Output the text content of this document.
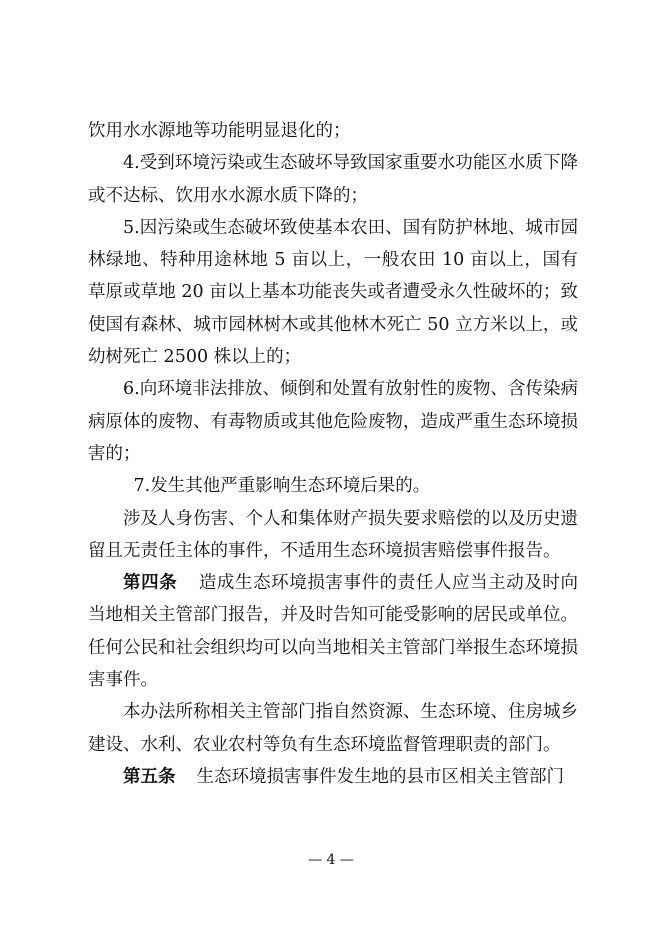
饮用水水源地等功能明显退化的；

4.受到环境污染或生态破坏导致国家重要水功能区水质下降或不达标、饮用水水源水质下降的；

5.因污染或生态破坏致使基本农田、国有防护林地、城市园林绿地、特种用途林地 5 亩以上，一般农田 10 亩以上，国有草原或草地 20 亩以上基本功能丧失或者遭受永久性破坏的；致使国有森林、城市园林树木或其他林木死亡 50 立方米以上，或幼树死亡 2500 株以上的；

6.向环境非法排放、倾倒和处置有放射性的废物、含传染病病原体的废物、有毒物质或其他危险废物，造成严重生态环境损害的；

7.发生其他严重影响生态环境后果的。

涉及人身伤害、个人和集体财产损失要求赔偿的以及历史遗留且无责任主体的事件，不适用生态环境损害赔偿事件报告。

第四条 造成生态环境损害事件的责任人应当主动及时向当地相关主管部门报告，并及时告知可能受影响的居民或单位。任何公民和社会组织均可以向当地相关主管部门举报生态环境损害事件。

本办法所称相关主管部门指自然资源、生态环境、住房城乡建设、水利、农业农村等负有生态环境监督管理职责的部门。

第五条 生态环境损害事件发生地的县市区相关主管部门

— 4 —
